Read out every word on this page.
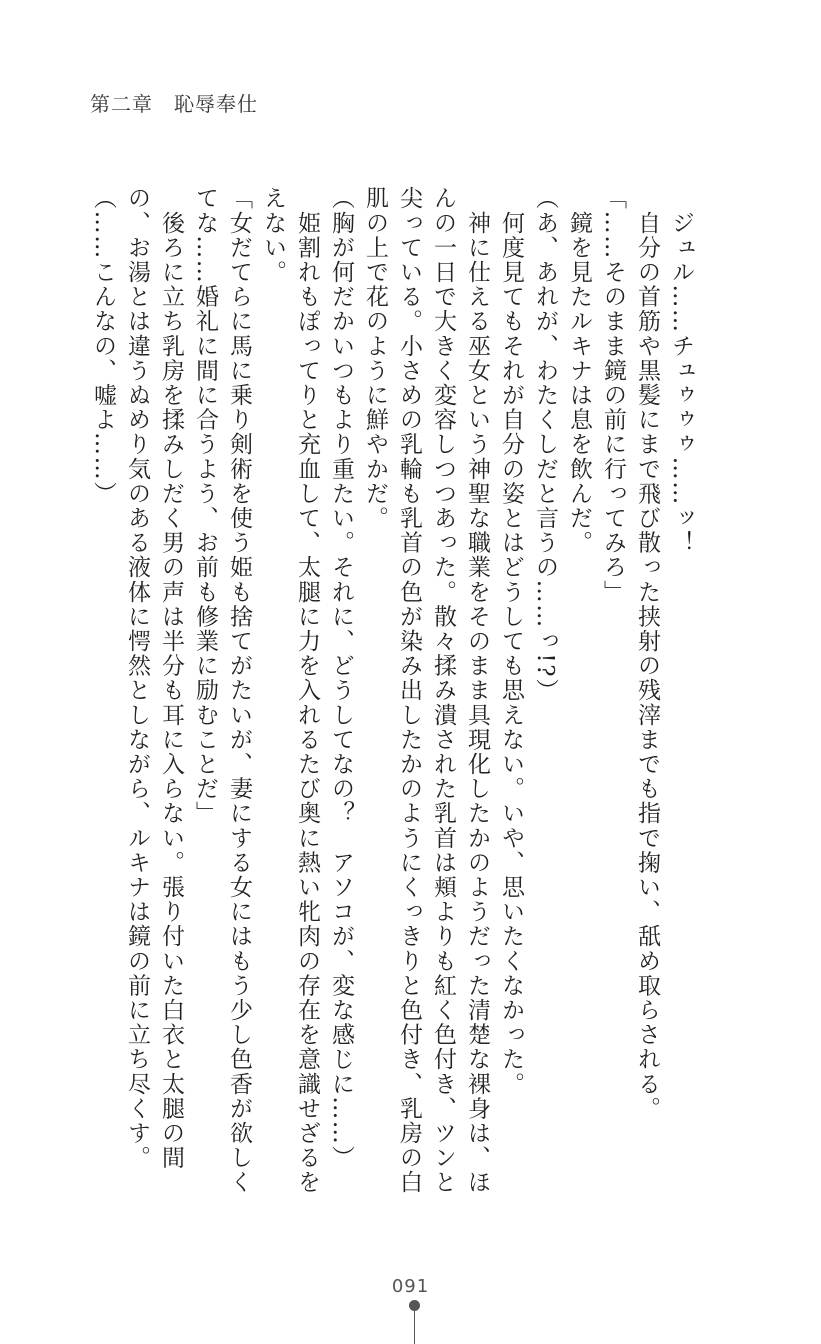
第二章　恥辱奉仕

　ジュル……チュゥゥゥ……ッ！

　自分の首筋や黒髪にまで飛び散った挟射の残滓までも指で掬い、舐め取らされる。

「……そのまま鏡の前に行ってみろ」

　鏡を見たルキナは息を飲んだ。

（あ、あれが、わたくしだと言うの……っ!?）

　何度見てもそれが自分の姿とはどうしても思えない。いや、思いたくなかった。

　神に仕える巫女という神聖な職業をそのまま具現化したかのようだった清楚な裸身は、ほんの一日で大きく変容しつつあった。散々揉み潰された乳首は頬よりも紅く色付き、ツンと尖っている。小さめの乳輪も乳首の色が染み出したかのようにくっきりと色付き、乳房の白肌の上で花のように鮮やかだ。

（胸が何だかいつもより重たい。それに、どうしてなの？　アソコが、変な感じに……）

　姫割れもぽってりと充血して、太腿に力を入れるたび奥に熱い牝肉の存在を意識せざるをえない。

「女だてらに馬に乗り剣術を使う姫も捨てがたいが、妻にする女にはもう少し色香が欲しくてな……婚礼に間に合うよう、お前も修業に励むことだ」

　後ろに立ち乳房を揉みしだく男の声は半分も耳に入らない。張り付いた白衣と太腿の間の、お湯とは違うぬめり気のある液体に愕然としながら、ルキナは鏡の前に立ち尽くす。

（……こんなの、嘘よ……）

091
